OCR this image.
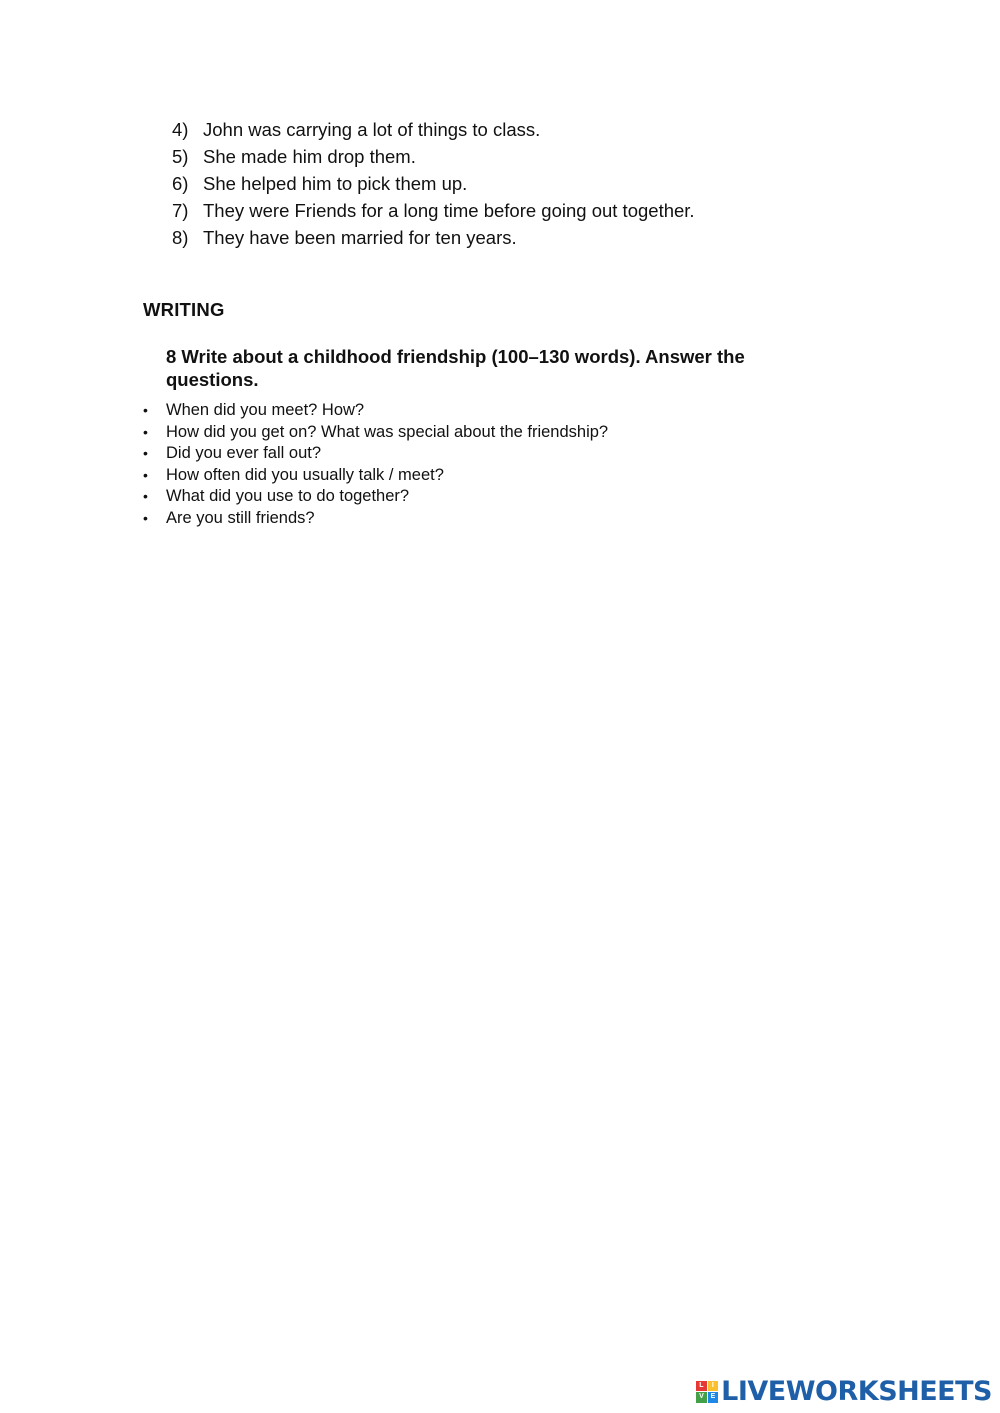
4) John was carrying a lot of things to class.
5) She made him drop them.
6) She helped him to pick them up.
7) They were Friends for a long time before going out together.
8) They have been married for ten years.
WRITING

8 Write about a childhood friendship (100–130 words). Answer the questions.

•	When did you meet? How?
•	How did you get on? What was special about the friendship?
•	Did you ever fall out?
•	How often did you usually talk / meet?
•	What did you use to do together?
•	Are you still friends?
L	I
V E LIVEWORKSHEETS
